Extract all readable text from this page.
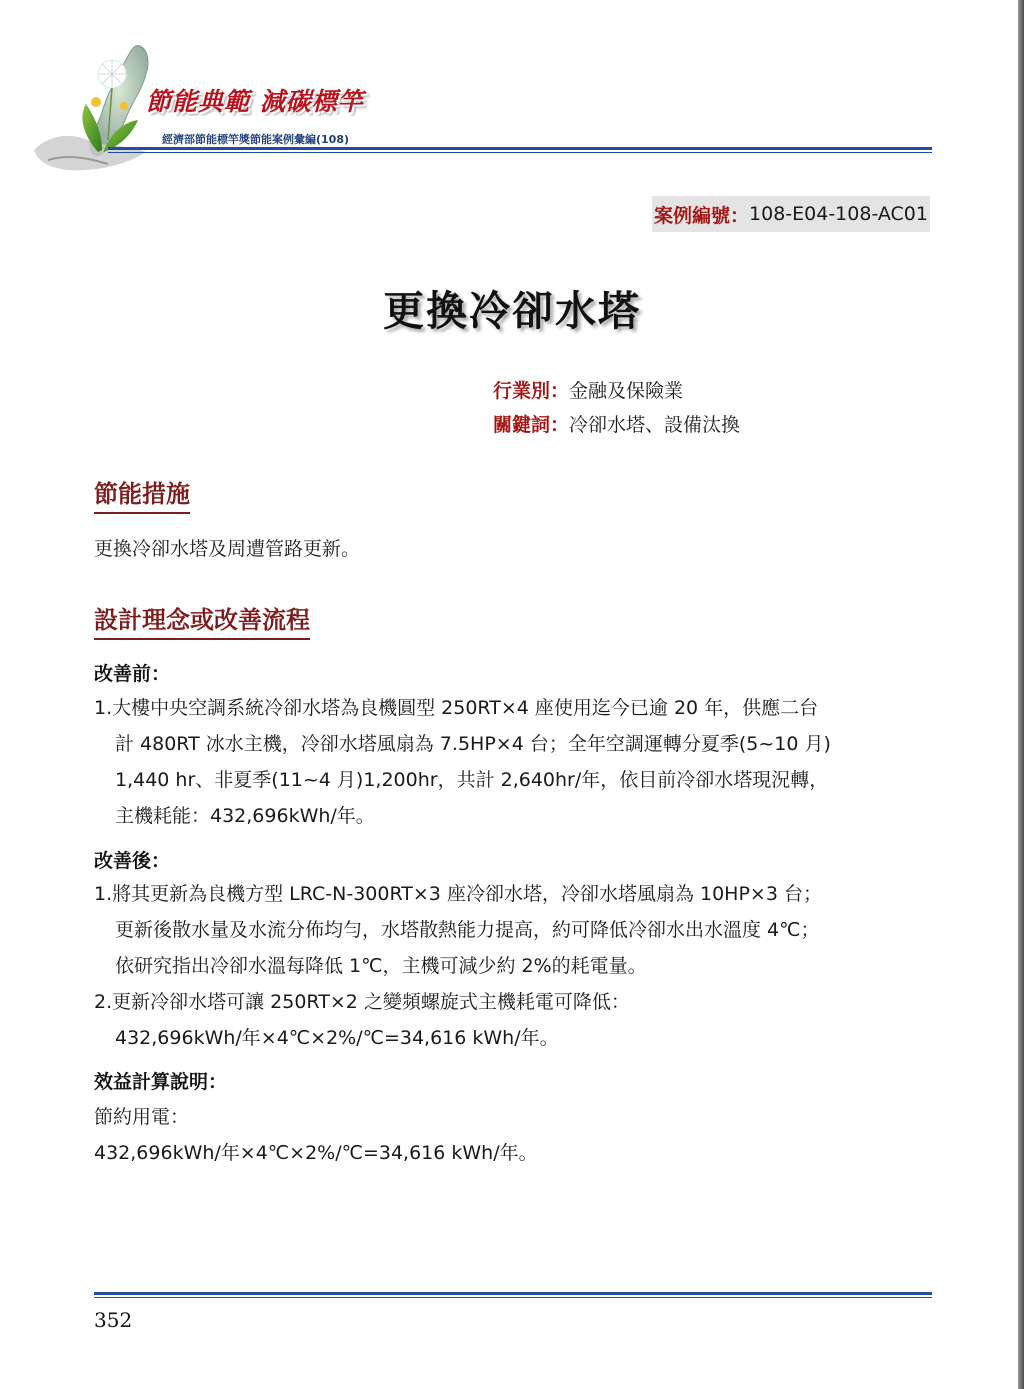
節能典範 減碳標竿
經濟部節能標竿獎節能案例彙編(108)
案例編號： 108-E04-108-AC01
更換冷卻水塔
行業別：金融及保險業
關鍵詞：冷卻水塔、設備汰換
節能措施
更換冷卻水塔及周遭管路更新。
設計理念或改善流程
改善前：
1.大樓中央空調系統冷卻水塔為良機圓型 250RT×4 座使用迄今已逾 20 年，供應二台
計 480RT 冰水主機，冷卻水塔風扇為 7.5HP×4 台；全年空調運轉分夏季(5~10 月)
1,440 hr、非夏季(11~4 月)1,200hr，共計 2,640hr/年，依目前冷卻水塔現況轉，
主機耗能：432,696kWh/年。
改善後：
1.將其更新為良機方型 LRC-N-300RT×3 座冷卻水塔，冷卻水塔風扇為 10HP×3 台；
更新後散水量及水流分佈均勻，水塔散熱能力提高，約可降低冷卻水出水溫度 4℃；
依研究指出冷卻水溫每降低 1℃，主機可減少約 2%的耗電量。
2.更新冷卻水塔可讓 250RT×2 之變頻螺旋式主機耗電可降低：
432,696kWh/年×4℃×2%/℃=34,616 kWh/年。
效益計算說明：
節約用電：
432,696kWh/年×4℃×2%/℃=34,616 kWh/年。
352
